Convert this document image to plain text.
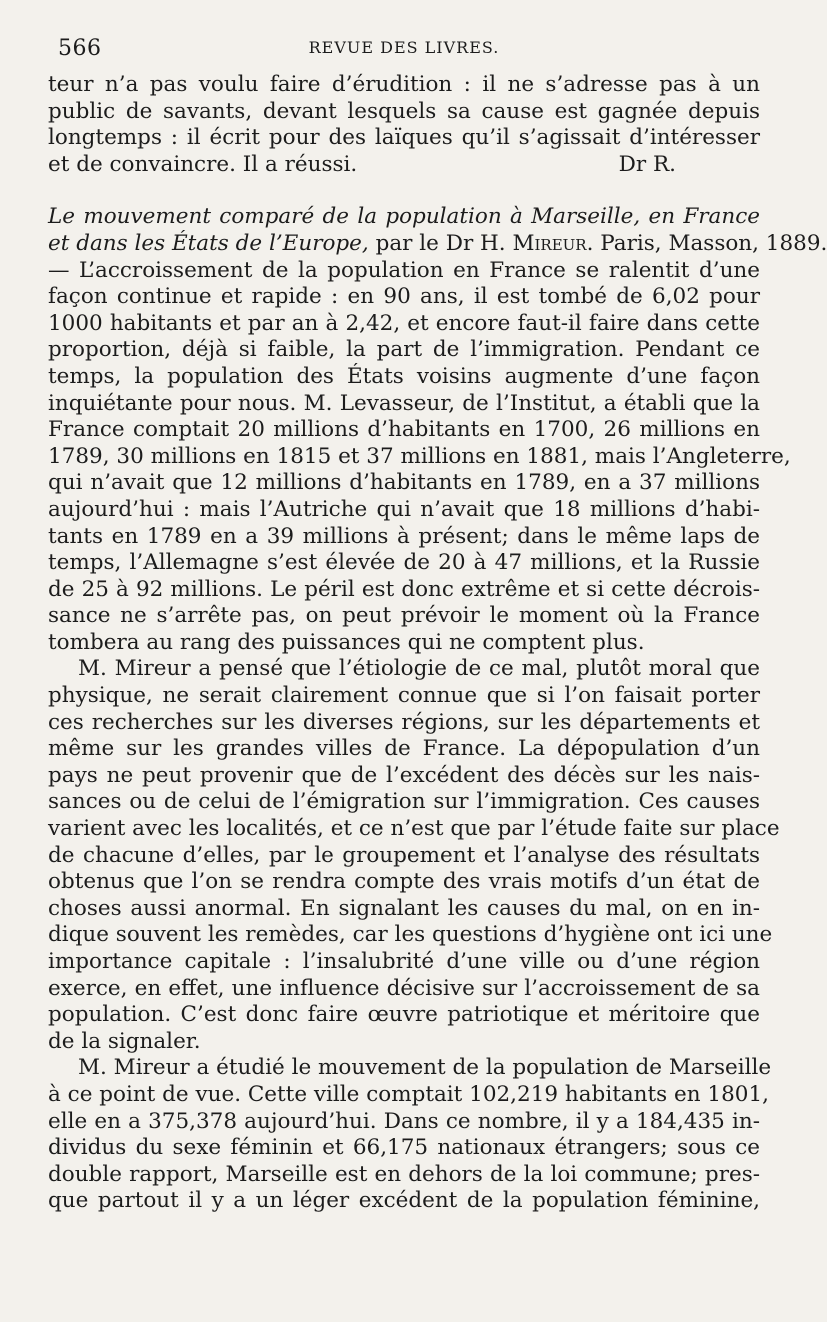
566	REVUE DES LIVRES.
teur n’a pas voulu faire d’érudition : il ne s’adresse pas à un
public de savants, devant lesquels sa cause est gagnée depuis
longtemps : il écrit pour des laïques qu’il s’agissait d’intéresser
et de convaincre. Il a réussi.	Dr R.
Le mouvement comparé de la population à Marseille, en France
et dans les États de l’Europe, par le Dr H. Mireur. Paris, Masson, 1889.
— L’accroissement de la population en France se ralentit d’une
façon continue et rapide : en 90 ans, il est tombé de 6,02 pour
1000 habitants et par an à 2,42, et encore faut-il faire dans cette
proportion, déjà si faible, la part de l’immigration. Pendant ce
temps, la population des États voisins augmente d’une façon
inquiétante pour nous. M. Levasseur, de l’Institut, a établi que la
France comptait 20 millions d’habitants en 1700, 26 millions en
1789, 30 millions en 1815 et 37 millions en 1881, mais l’Angleterre,
qui n’avait que 12 millions d’habitants en 1789, en a 37 millions
aujourd’hui : mais l’Autriche qui n’avait que 18 millions d’habi-
tants en 1789 en a 39 millions à présent; dans le même laps de
temps, l’Allemagne s’est élevée de 20 à 47 millions, et la Russie
de 25 à 92 millions. Le péril est donc extrême et si cette décrois-
sance ne s’arrête pas, on peut prévoir le moment où la France
tombera au rang des puissances qui ne comptent plus.
M. Mireur a pensé que l’étiologie de ce mal, plutôt moral que
physique, ne serait clairement connue que si l’on faisait porter
ces recherches sur les diverses régions, sur les départements et
même sur les grandes villes de France. La dépopulation d’un
pays ne peut provenir que de l’excédent des décès sur les nais-
sances ou de celui de l’émigration sur l’immigration. Ces causes
varient avec les localités, et ce n’est que par l’étude faite sur place
de chacune d’elles, par le groupement et l’analyse des résultats
obtenus que l’on se rendra compte des vrais motifs d’un état de
choses aussi anormal. En signalant les causes du mal, on en in-
dique souvent les remèdes, car les questions d’hygiène ont ici une
importance capitale : l’insalubrité d’une ville ou d’une région
exerce, en effet, une influence décisive sur l’accroissement de sa
population. C’est donc faire œuvre patriotique et méritoire que
de la signaler.
M. Mireur a étudié le mouvement de la population de Marseille
à ce point de vue. Cette ville comptait 102,219 habitants en 1801,
elle en a 375,378 aujourd’hui. Dans ce nombre, il y a 184,435 in-
dividus du sexe féminin et 66,175 nationaux étrangers; sous ce
double rapport, Marseille est en dehors de la loi commune; pres-
que partout il y a un léger excédent de la population féminine,
